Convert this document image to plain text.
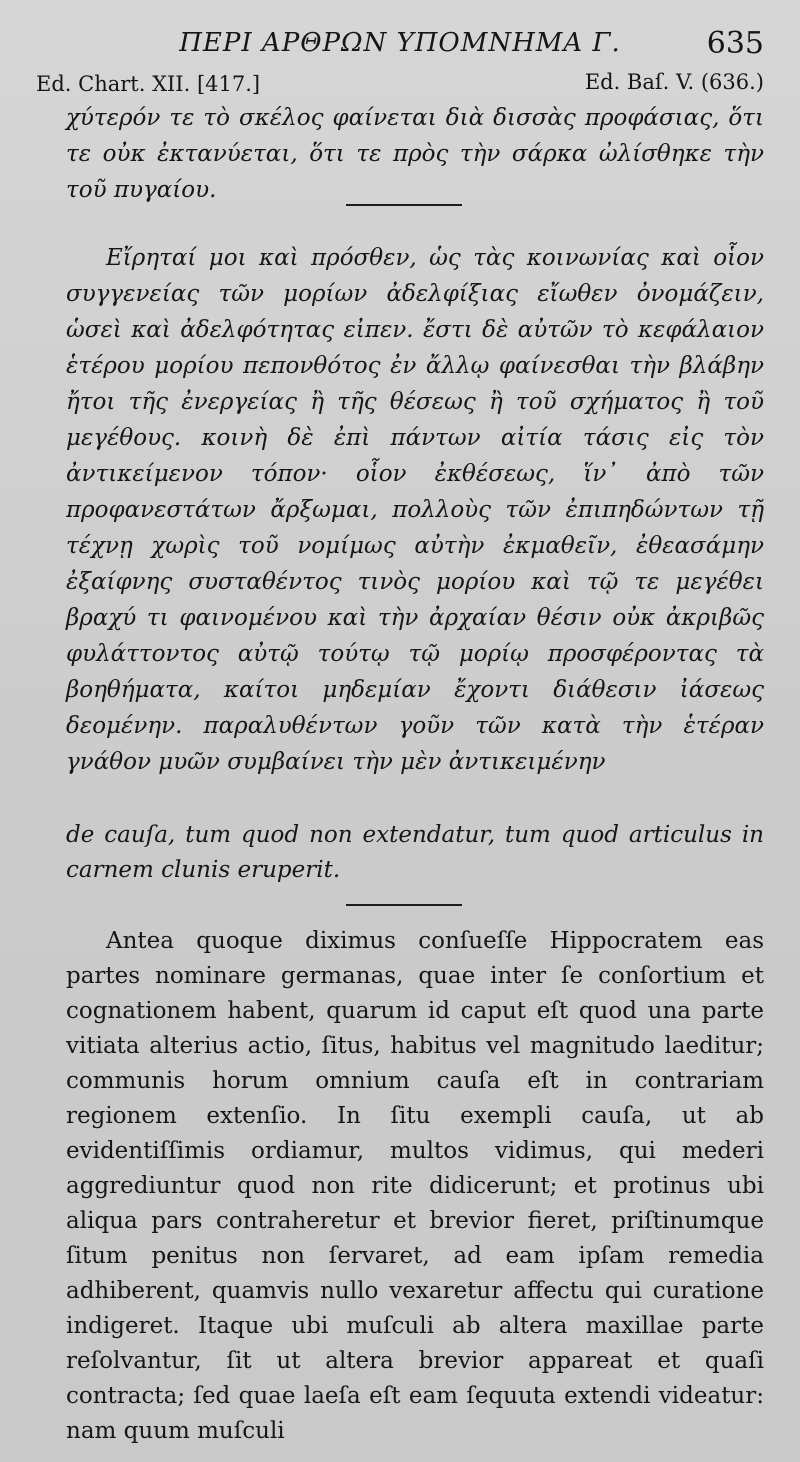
ΠΕΡΙ ΑΡΘΡΩΝ ΥΠΟΜΝΗΜΑ Γ.	635
Ed. Chart. XII. [417.]	Ed. Baſ. V. (636.)

χύτερόν τε τὸ σκέλος φαίνεται διὰ δισσὰς προφάσιας, ὅτι τε οὐκ ἐκτανύεται, ὅτι τε πρὸς τὴν σάρκα ὠλίσθηκε τὴν τοῦ πυγαίου.

Εἴρηταί μοι καὶ πρόσθεν, ὡς τὰς κοινωνίας καὶ οἷον συγγενείας τῶν μορίων ἀδελφίξιας εἴωθεν ὀνομάζειν, ὡσεὶ καὶ ἀδελφότητας εἰπεν. ἔστι δὲ αὐτῶν τὸ κεφάλαιον ἑτέρου μορίου πεπονθότος ἐν ἄλλῳ φαίνεσθαι τὴν βλάβην ἤτοι τῆς ἐνεργείας ἢ τῆς θέσεως ἢ τοῦ σχήματος ἢ τοῦ μεγέθους. κοινὴ δὲ ἐπὶ πάντων αἰτία τάσις εἰς τὸν ἀντικείμενον τόπον· οἷον ἐκθέσεως, ἵν᾿ ἀπὸ τῶν προφανεστάτων ἄρξωμαι, πολλοὺς τῶν ἐπιπηδώντων τῇ τέχνῃ χωρὶς τοῦ νομίμως αὐτὴν ἐκμαθεῖν, ἐθεασάμην ἐξαίφνης συσταθέντος τινὸς μορίου καὶ τῷ τε μεγέθει βραχύ τι φαινομένου καὶ τὴν ἀρχαίαν θέσιν οὐκ ἀκριβῶς φυλάττοντος αὐτῷ τούτῳ τῷ μορίῳ προσφέροντας τὰ βοηθήματα, καίτοι μηδεμίαν ἔχοντι διάθεσιν ἰάσεως δεομένην. παραλυθέντων γοῦν τῶν κατὰ τὴν ἑτέραν γνάθον μυῶν συμβαίνει τὴν μὲν ἀντικειμένην

de cauſa, tum quod non extendatur, tum quod articulus in carnem clunis eruperit.

Antea quoque diximus conſueſſe Hippocratem eas partes nominare germanas, quae inter ſe conſortium et cognationem habent, quarum id caput eſt quod una parte vitiata alterius actio, ſitus, habitus vel magnitudo laeditur; communis horum omnium cauſa eſt in contrariam regionem extenſio. In ſitu exempli cauſa, ut ab evidentiſſimis ordiamur, multos vidimus, qui mederi aggrediuntur quod non rite didicerunt; et protinus ubi aliqua pars contraheretur et brevior fieret, priſtinumque ſitum penitus non ſervaret, ad eam ipſam remedia adhiberent, quamvis nullo vexaretur affectu qui curatione indigeret. Itaque ubi muſculi ab altera maxillae parte reſolvantur, ſit ut altera brevior appareat et quaſi contracta; ſed quae laeſa eſt eam ſequuta extendi videatur: nam quum muſculi
